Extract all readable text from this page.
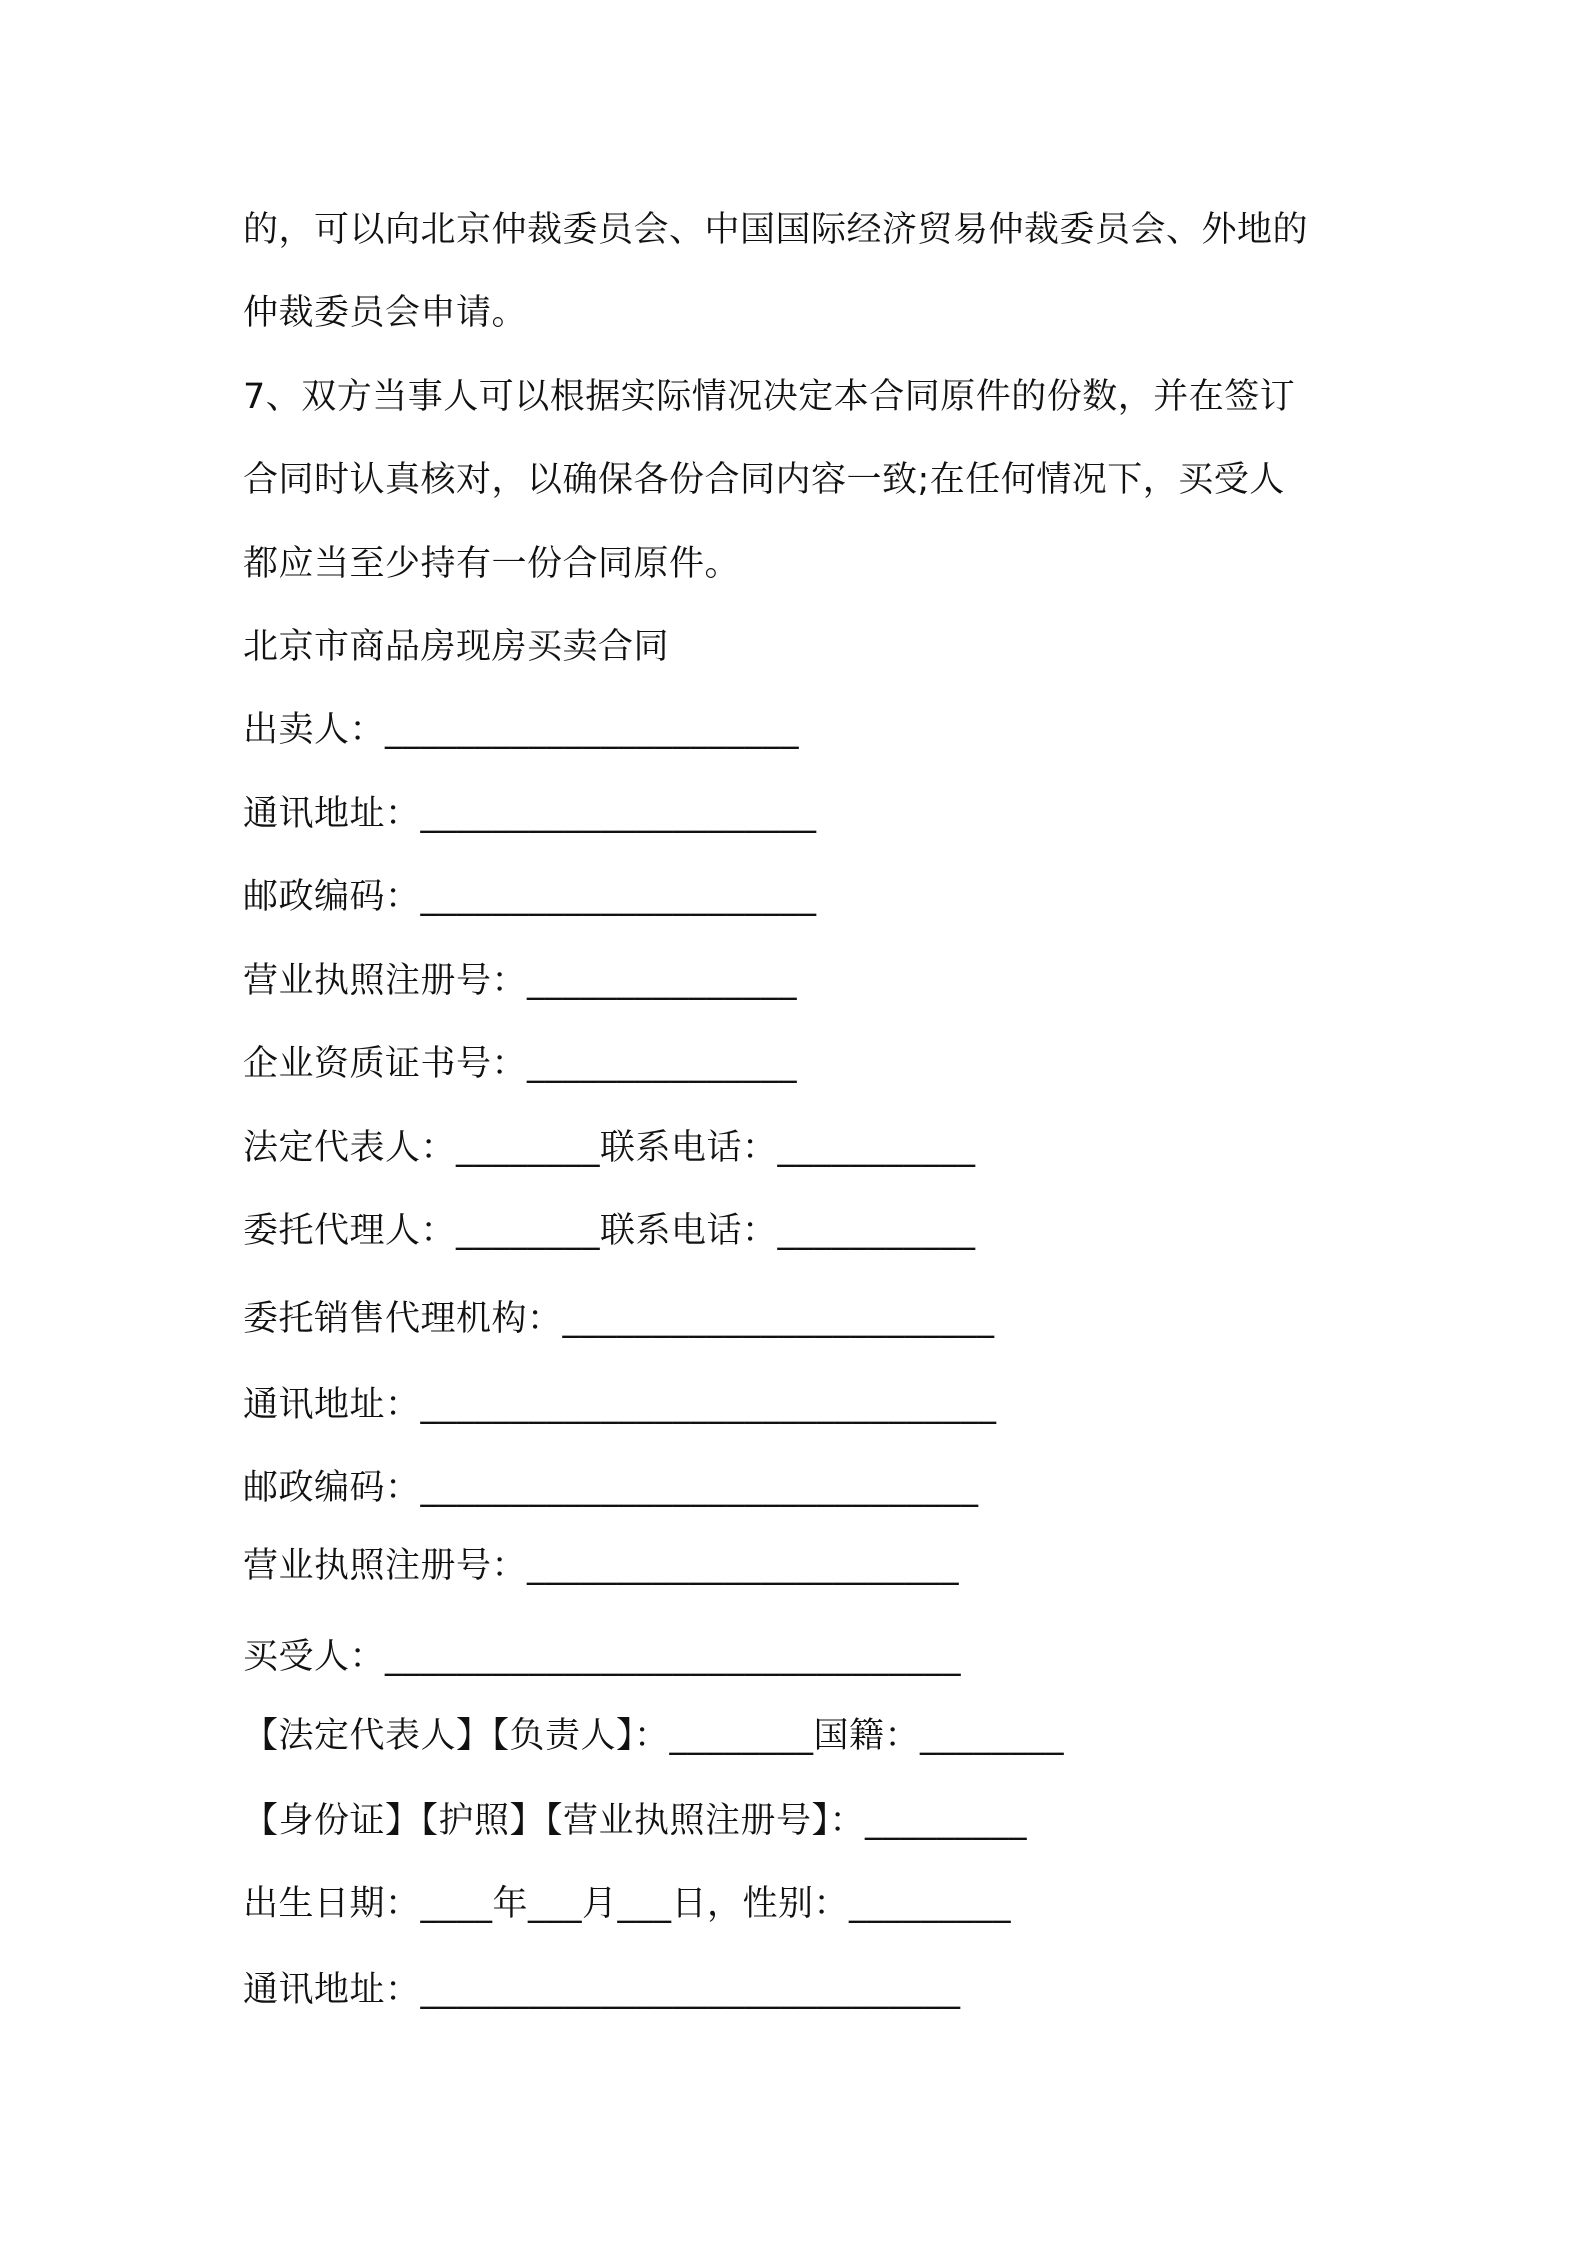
的，可以向北京仲裁委员会、中国国际经济贸易仲裁委员会、外地的
仲裁委员会申请。
7、双方当事人可以根据实际情况决定本合同原件的份数，并在签订
合同时认真核对，以确保各份合同内容一致;在任何情况下，买受人
都应当至少持有一份合同原件。
北京市商品房现房买卖合同
出卖人：_______________________
通讯地址：______________________
邮政编码：______________________
营业执照注册号：_______________
企业资质证书号：_______________
法定代表人：________联系电话：___________
委托代理人：________联系电话：___________
委托销售代理机构：________________________
通讯地址：________________________________
邮政编码：_______________________________
营业执照注册号：________________________
买受人：________________________________
【法定代表人】【负责人】：________国籍：________
【身份证】【护照】【营业执照注册号】：_________
出生日期：____年___月___日，性别：_________
通讯地址：______________________________
